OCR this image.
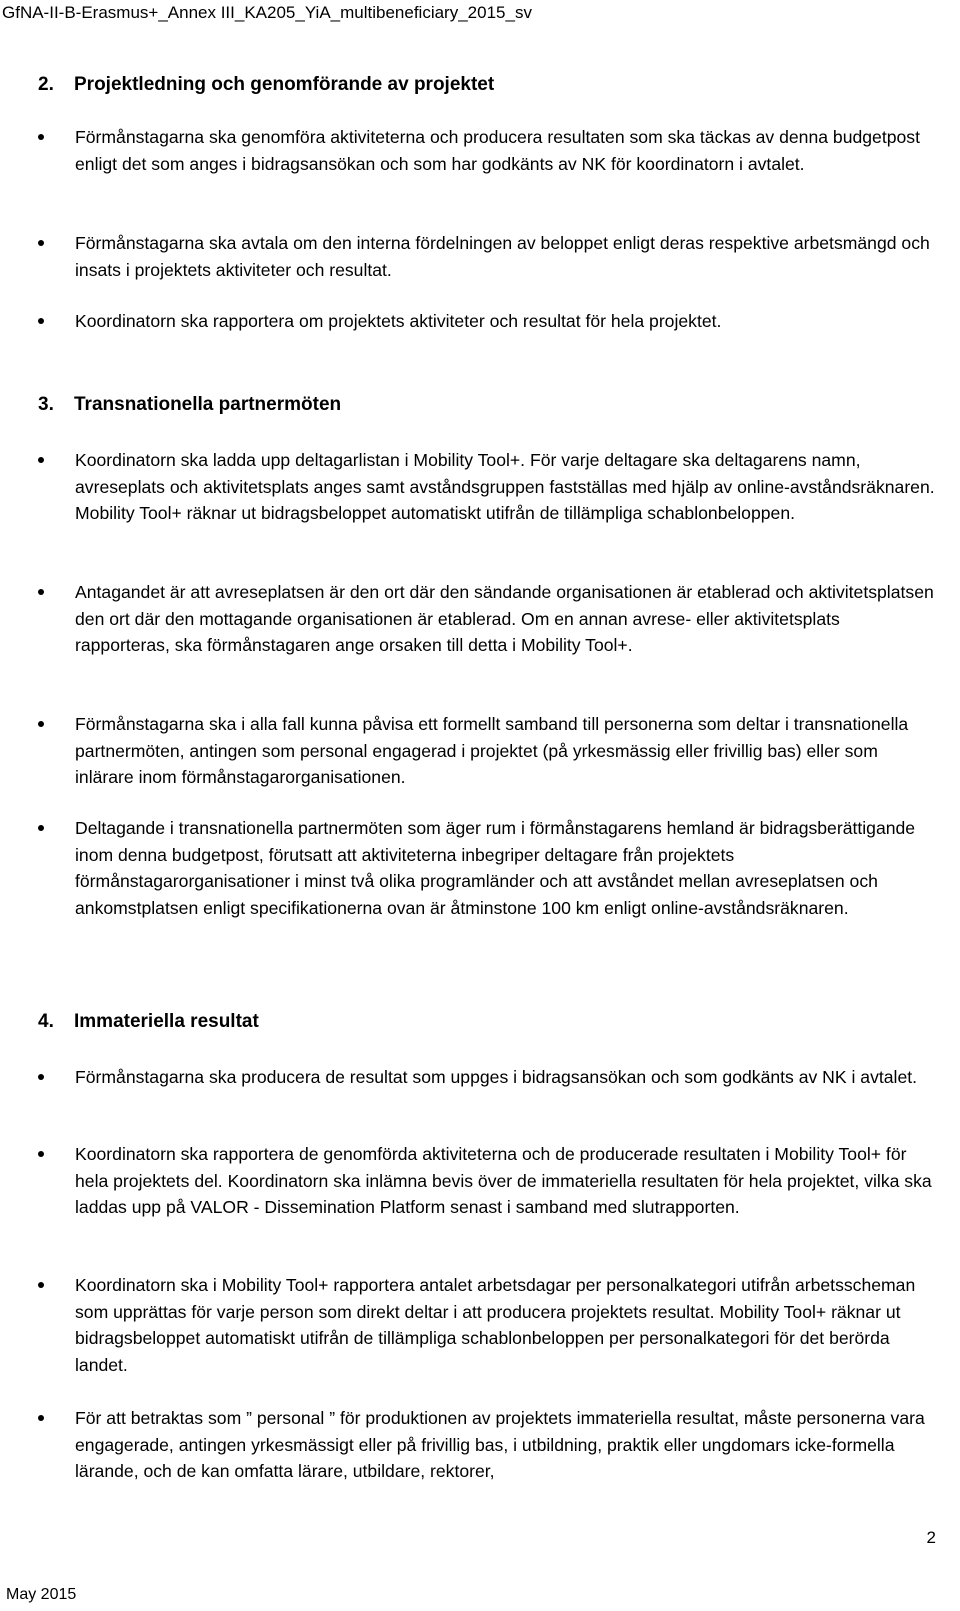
GfNA-II-B-Erasmus+_Annex III_KA205_YiA_multibeneficiary_2015_sv
2. Projektledning och genomförande av projektet
Förmånstagarna ska genomföra aktiviteterna och producera resultaten som ska täckas av denna budgetpost enligt det som anges i bidragsansökan och som har godkänts av NK för koordinatorn i avtalet.
Förmånstagarna ska avtala om den interna fördelningen av beloppet enligt deras respektive arbetsmängd och insats i projektets aktiviteter och resultat.
Koordinatorn ska rapportera om projektets aktiviteter och resultat för hela projektet.
3. Transnationella partnermöten
Koordinatorn ska ladda upp deltagarlistan i Mobility Tool+. För varje deltagare ska deltagarens namn, avreseplats och aktivitetsplats anges samt avståndsgruppen fastställas med hjälp av online-avståndsräknaren. Mobility Tool+ räknar ut bidragsbeloppet automatiskt utifrån de tillämpliga schablonbeloppen.
Antagandet är att avreseplatsen är den ort där den sändande organisationen är etablerad och aktivitetsplatsen den ort där den mottagande organisationen är etablerad. Om en annan avrese- eller aktivitetsplats rapporteras, ska förmånstagaren ange orsaken till detta i Mobility Tool+.
Förmånstagarna ska i alla fall kunna påvisa ett formellt samband till personerna som deltar i transnationella partnermöten, antingen som personal engagerad i projektet (på yrkesmässig eller frivillig bas) eller som inlärare inom förmånstagarorganisationen.
Deltagande i transnationella partnermöten som äger rum i förmånstagarens hemland är bidragsberättigande inom denna budgetpost, förutsatt att aktiviteterna inbegriper deltagare från projektets förmånstagarorganisationer i minst två olika programländer och att avståndet mellan avreseplatsen och ankomstplatsen enligt specifikationerna ovan är åtminstone 100 km enligt online-avståndsräknaren.
4. Immateriella resultat
Förmånstagarna ska producera de resultat som uppges i bidragsansökan och som godkänts av NK i avtalet.
Koordinatorn ska rapportera de genomförda aktiviteterna och de producerade resultaten i Mobility Tool+ för hela projektets del. Koordinatorn ska inlämna bevis över de immateriella resultaten för hela projektet, vilka ska laddas upp på VALOR - Dissemination Platform senast i samband med slutrapporten.
Koordinatorn ska i Mobility Tool+ rapportera antalet arbetsdagar per personalkategori utifrån arbetsscheman som upprättas för varje person som direkt deltar i att producera projektets resultat. Mobility Tool+ räknar ut bidragsbeloppet automatiskt utifrån de tillämpliga schablonbeloppen per personalkategori för det berörda landet.
För att betraktas som ” personal ” för produktionen av projektets immateriella resultat, måste personerna vara engagerade, antingen yrkesmässigt eller på frivillig bas, i utbildning, praktik eller ungdomars icke-formella lärande, och de kan omfatta lärare, utbildare, rektorer,
2
May 2015
